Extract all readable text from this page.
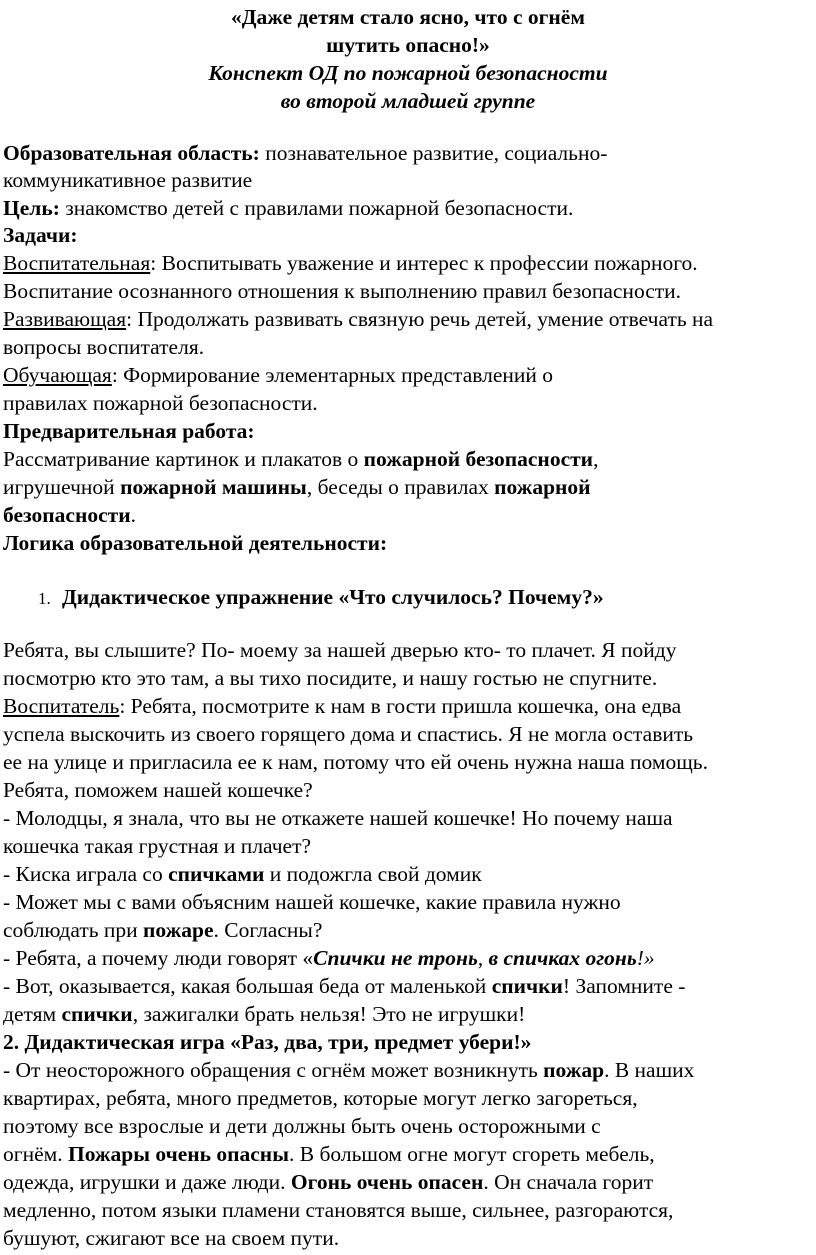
«Даже детям стало ясно, что с огнём
шутить опасно!»
Конспект ОД по пожарной безопасности
во второй младшей группе
Образовательная область: познавательное развитие, социально-
коммуникативное развитие
Цель: знакомство детей с правилами пожарной безопасности.
Задачи:
Воспитательная: Воспитывать уважение и интерес к профессии пожарного.
Воспитание осознанного отношения к выполнению правил безопасности.
Развивающая: Продолжать развивать связную речь детей, умение отвечать на
вопросы воспитателя.
Обучающая: Формирование элементарных представлений о
правилах пожарной безопасности.
Предварительная работа:
Рассматривание картинок и плакатов о пожарной безопасности,
игрушечной пожарной машины, беседы о правилах пожарной
безопасности.
Логика образовательной деятельности:
1. Дидактическое упражнение «Что случилось? Почему?»
Ребята, вы слышите? По- моему за нашей дверью кто- то плачет. Я пойду
посмотрю кто это там, а вы тихо посидите, и нашу гостью не спугните.
Воспитатель: Ребята, посмотрите к нам в гости пришла кошечка, она едва
успела выскочить из своего горящего дома и спастись. Я не могла оставить
ее на улице и пригласила ее к нам, потому что ей очень нужна наша помощь.
Ребята, поможем нашей кошечке?
- Молодцы, я знала, что вы не откажете нашей кошечке! Но почему наша
кошечка такая грустная и плачет?
- Киска играла со спичками и подожгла свой домик
- Может мы с вами объясним нашей кошечке, какие правила нужно
соблюдать при пожаре. Согласны?
- Ребята, а почему люди говорят «Спички не тронь, в спичках огонь!»
- Вот, оказывается, какая большая беда от маленькой спички! Запомните -
детям спички, зажигалки брать нельзя! Это не игрушки!
2. Дидактическая игра «Раз, два, три, предмет убери!»
- От неосторожного обращения с огнём может возникнуть пожар. В наших
квартирах, ребята, много предметов, которые могут легко загореться,
поэтому все взрослые и дети должны быть очень осторожными с
огнём. Пожары очень опасны. В большом огне могут сгореть мебель,
одежда, игрушки и даже люди. Огонь очень опасен. Он сначала горит
медленно, потом языки пламени становятся выше, сильнее, разгораются,
бушуют, сжигают все на своем пути.
